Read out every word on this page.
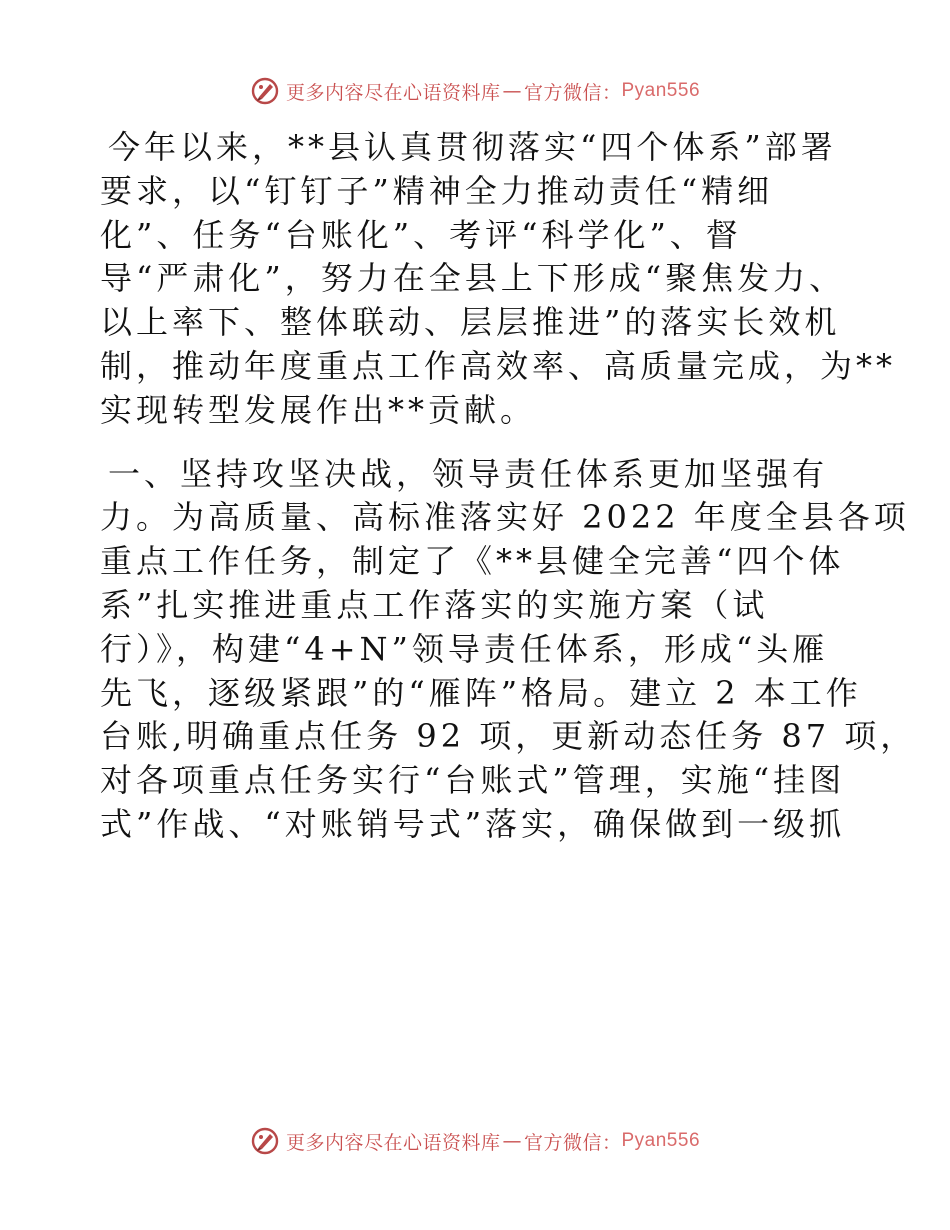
更多内容尽在心语资料库 — 官方微信： Pyan556
今年以来，**县认真贯彻落实“四个体系”部署
要求，以“钉钉子”精神全力推动责任“精细
化”、任务“台账化”、考评“科学化”、督
导“严肃化”，努力在全县上下形成“聚焦发力、
以上率下、整体联动、层层推进”的落实长效机
制，推动年度重点工作高效率、高质量完成，为**
实现转型发展作出**贡献。
一、坚持攻坚决战，领导责任体系更加坚强有
力。为高质量、高标准落实好 2022 年度全县各项
重点工作任务，制定了《**县健全完善“四个体
系”扎实推进重点工作落实的实施方案（试
行）》，构建“4+N”领导责任体系，形成“头雁
先飞，逐级紧跟”的“雁阵”格局。建立 2 本工作
台账,明确重点任务 92 项，更新动态任务 87 项，
对各项重点任务实行“台账式”管理，实施“挂图
式”作战、“对账销号式”落实，确保做到一级抓
更多内容尽在心语资料库 — 官方微信： Pyan556
